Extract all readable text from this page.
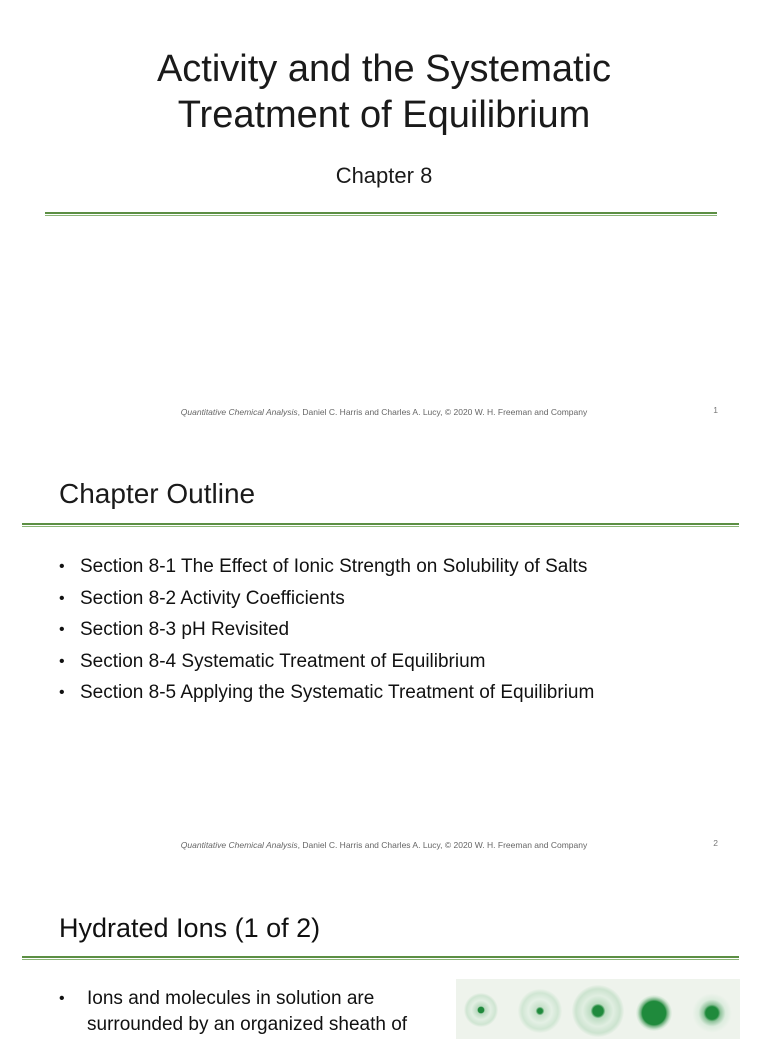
Activity and the Systematic
Treatment of Equilibrium
Chapter 8
Quantitative Chemical Analysis, Daniel C. Harris and Charles A. Lucy, © 2020 W. H. Freeman and Company	1
Chapter Outline
• Section 8-1 The Effect of Ionic Strength on Solubility of Salts
• Section 8-2 Activity Coefficients
• Section 8-3 pH Revisited
• Section 8-4 Systematic Treatment of Equilibrium
• Section 8-5 Applying the Systematic Treatment of Equilibrium
Quantitative Chemical Analysis, Daniel C. Harris and Charles A. Lucy, © 2020 W. H. Freeman and Company	2
Hydrated Ions (1 of 2)
• Ions and molecules in solution are surrounded by an organized sheath of
